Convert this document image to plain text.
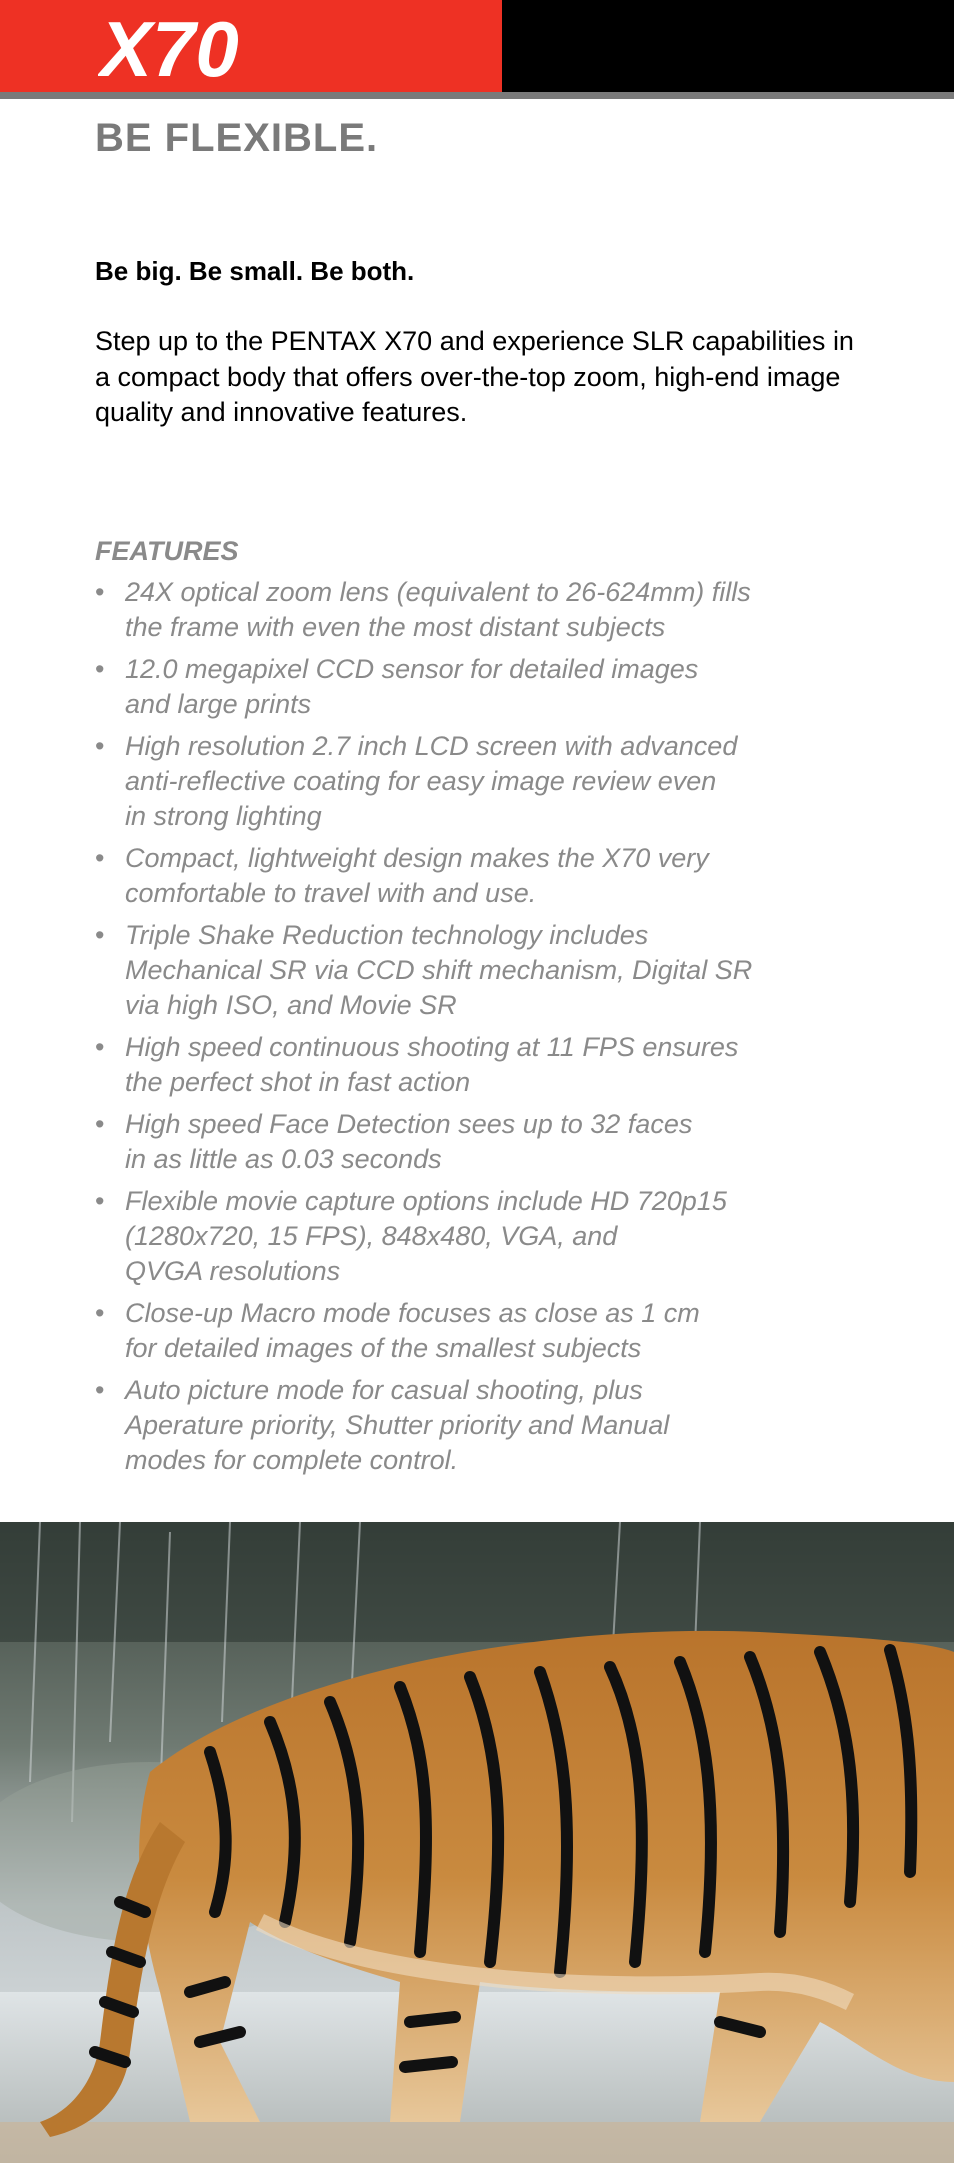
X70
BE FLEXIBLE.

Be big. Be small. Be both.

Step up to the PENTAX X70 and experience SLR capabilities in a compact body that offers over-the-top zoom, high-end image quality and innovative features.

FEATURES
• 24X optical zoom lens (equivalent to 26-624mm) fills
the frame with even the most distant subjects
• 12.0 megapixel CCD sensor for detailed images
and large prints
• High resolution 2.7 inch LCD screen with advanced
anti-reflective coating for easy image review even
in strong lighting
• Compact, lightweight design makes the X70 very
comfortable to travel with and use.
• Triple Shake Reduction technology includes
Mechanical SR via CCD shift mechanism, Digital SR
via high ISO, and Movie SR
• High speed continuous shooting at 11 FPS ensures
the perfect shot in fast action
• High speed Face Detection sees up to 32 faces
in as little as 0.03 seconds
• Flexible movie capture options include HD 720p15
(1280x720, 15 FPS), 848x480, VGA, and
QVGA resolutions
• Close-up Macro mode focuses as close as 1 cm
for detailed images of the smallest subjects
• Auto picture mode for casual shooting, plus
Aperature priority, Shutter priority and Manual
modes for complete control.
